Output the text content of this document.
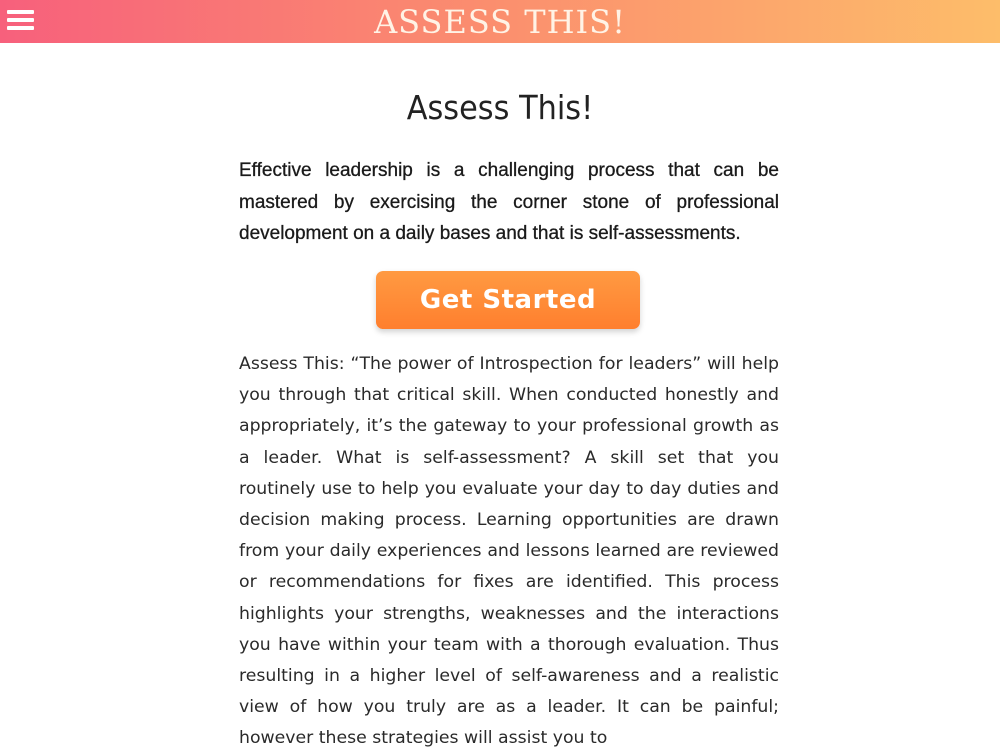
ASSESS THIS!
Assess This!

Effective leadership is a challenging process that can be mastered by exercising the corner stone of professional development on a daily bases and that is self-assessments.

Get Started

Assess This: “The power of Introspection for leaders” will help you through that critical skill. When conducted honestly and appropriately, it’s the gateway to your professional growth as a leader. What is self-assessment? A skill set that you routinely use to help you evaluate your day to day duties and decision making process. Learning opportunities are drawn from your daily experiences and lessons learned are reviewed or recommendations for fixes are identified. This process highlights your strengths, weaknesses and the interactions you have within your team with a thorough evaluation. Thus resulting in a higher level of self-awareness and a realistic view of how you truly are as a leader. It can be painful; however these strategies will assist you to
